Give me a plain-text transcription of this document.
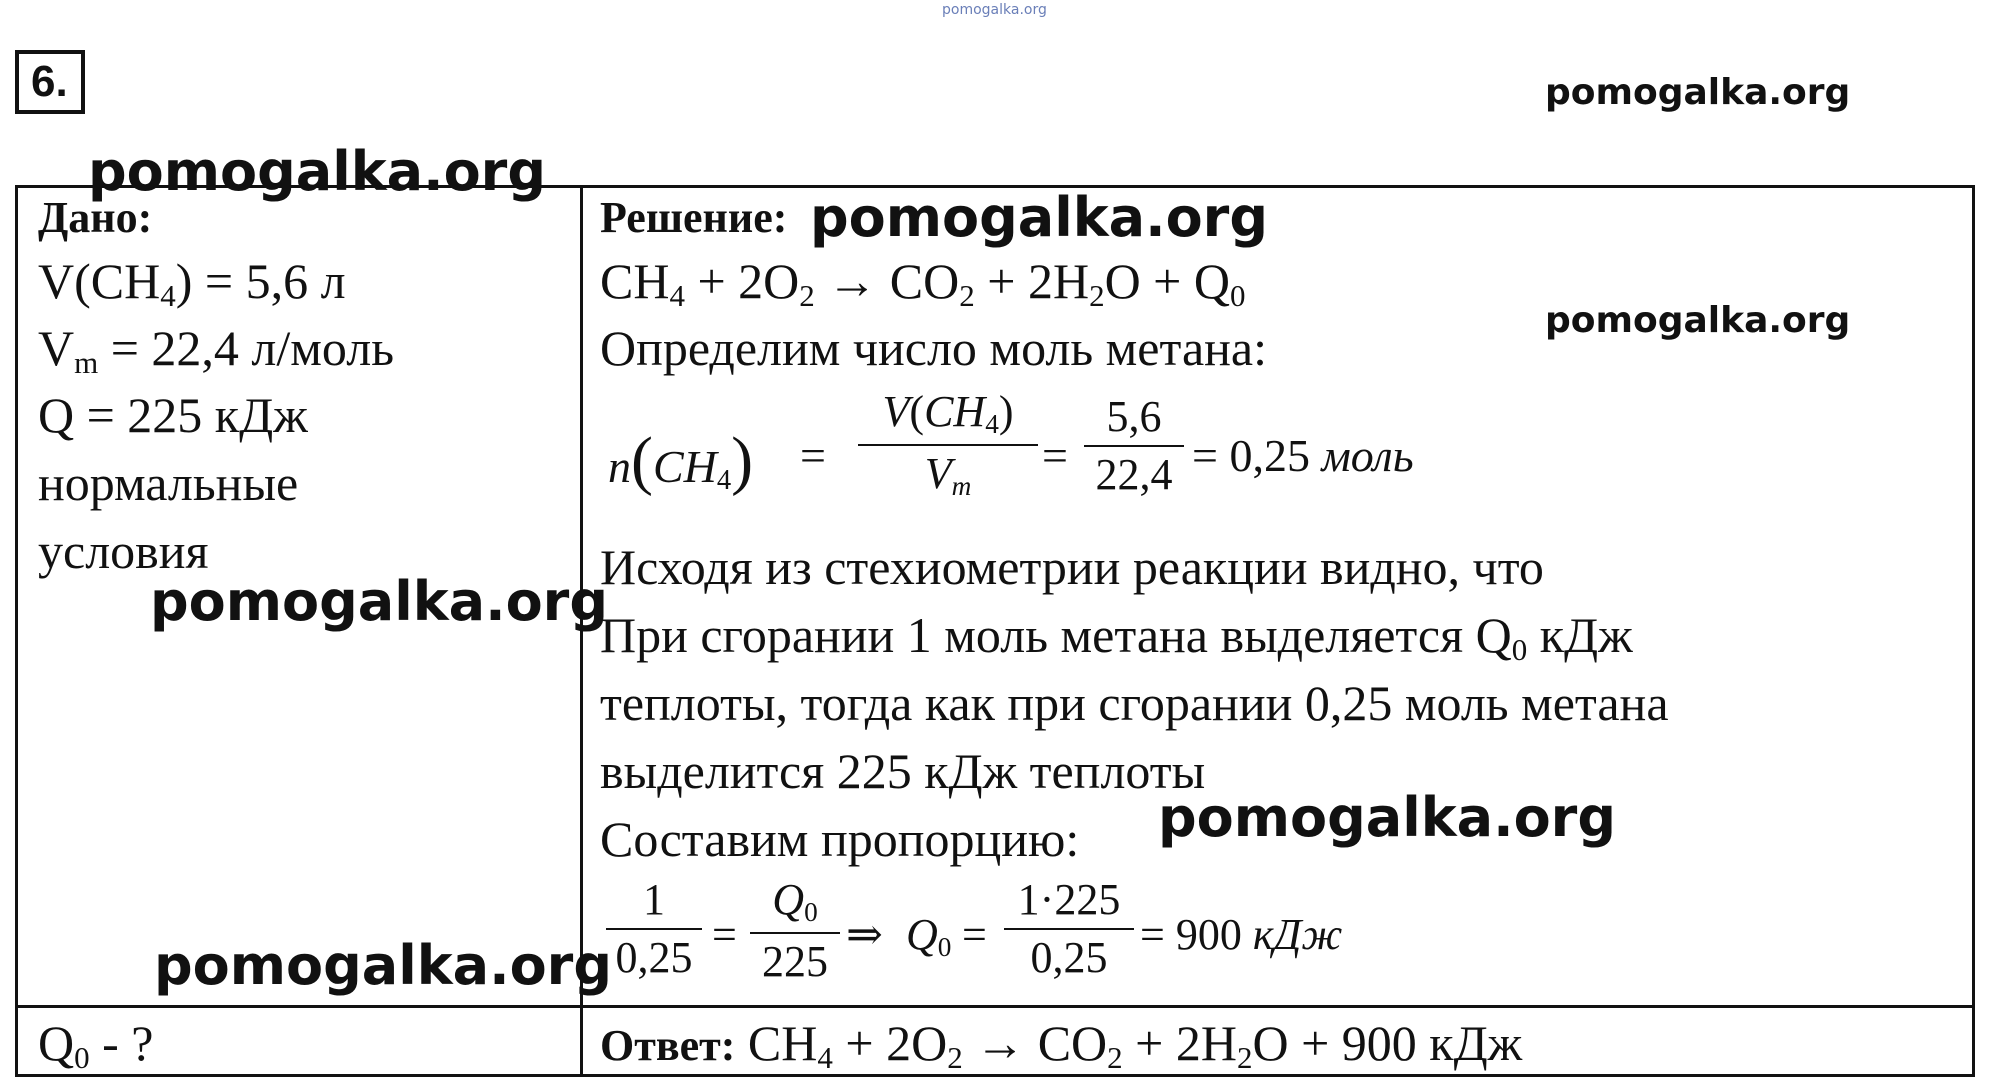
pomogalka.org
pomogalka.org
pomogalka.org
6.
Дано:
$V(CH_4) = 5,6$ л
$V_m = 22,4$ л/моль
Q = 225 кДж
нормальные
условия
$Q_0$ - ?
Решение:
$CH_4 + 2O_2 \to CO_2 + 2H_2O + Q_0$
Определим число моль метана:
$n(CH_4)$ =
$V(CH_4)$
$V_m$
=
5,6
22,4 = 0,25 моль
Исходя из стехиометрии реакции видно, что
При сгорании 1 моль метана выделяется $Q_0$ кДж
теплоты, тогда как при сгорании 0,25 моль метана
выделится 225 кДж теплоты
Составим пропорцию:
1
0,25 =
$Q_0$
225
⇒ $Q_0$ =
1·225
0,25 = 900 кДж
Ответ: $CH_4 + 2O_2 \to CO_2 + 2H_2O + 900$ кДж
pomogalka.org
pomogalka.org
pomogalka.org
pomogalka.org
pomogalka.org
